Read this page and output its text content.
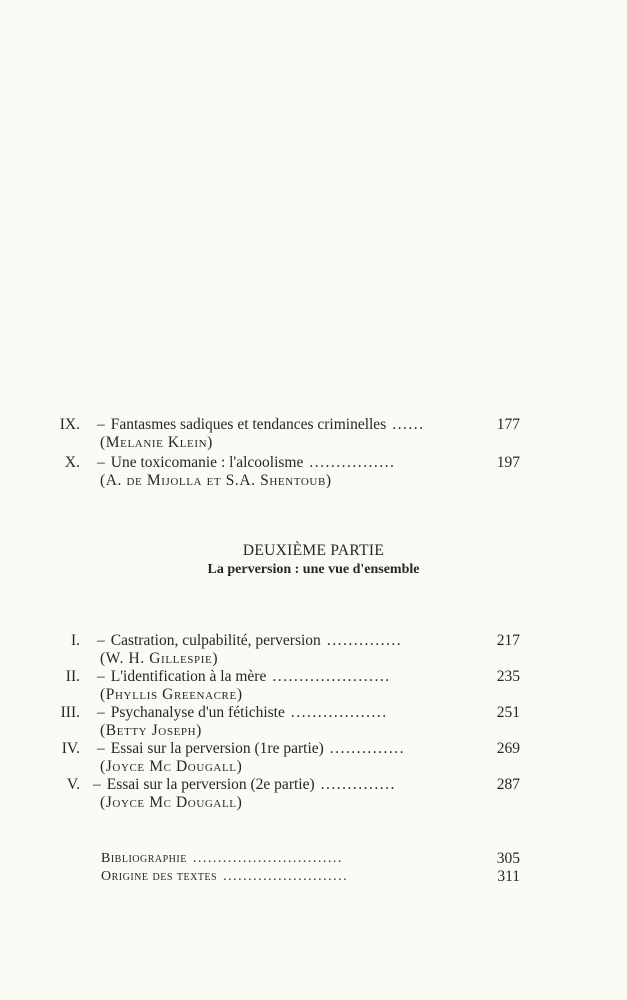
IX. – Fantasmes sadiques et tendances criminelles ......	177
(Melanie Klein)
X. – Une toxicomanie : l'alcoolisme ................	197
(A. de Mijolla et S.A. Shentoub)
DEUXIÈME PARTIE
La perversion : une vue d'ensemble
I. – Castration, culpabilité, perversion ..............	217
(W. H. Gillespie)
II. – L'identification à la mère ......................	235
(Phyllis Greenacre)
III. – Psychanalyse d'un fétichiste ..................	251
(Betty Joseph)
IV. – Essai sur la perversion (1re partie) ..............	269
(Joyce Mc Dougall)
V. – Essai sur la perversion (2e partie) ..............	287
(Joyce Mc Dougall)
Bibliographie ..............................	305
Origine des textes .........................	311
